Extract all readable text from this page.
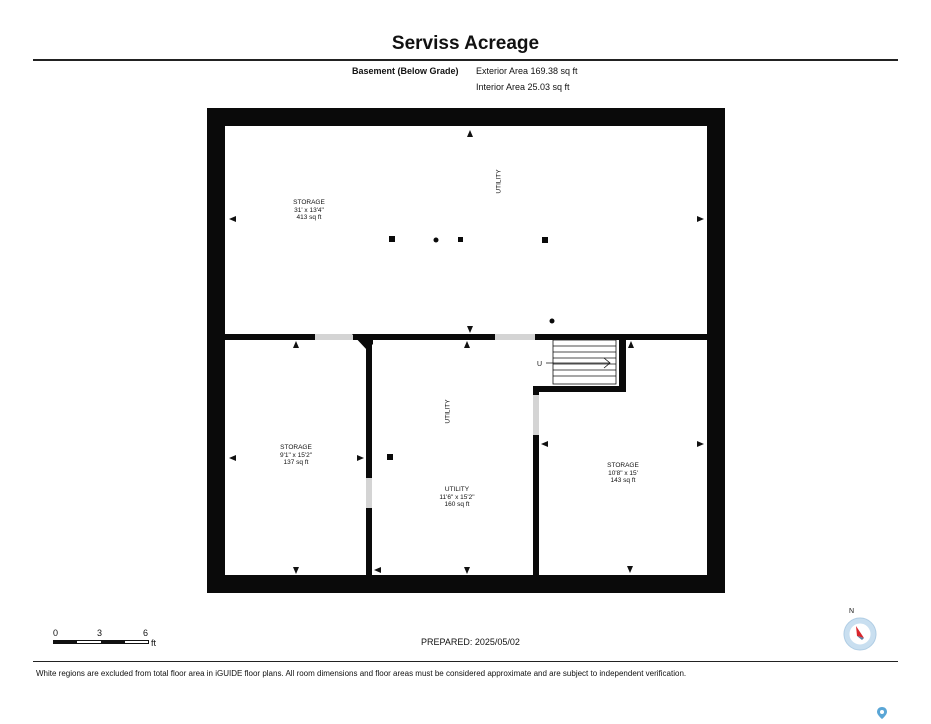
Serviss Acreage
Basement (Below Grade) Exterior Area 169.38 sq ft
Interior Area 25.03 sq ft
U
STORAGE
31' x 13'4"
413 sq ft
UTILITY
STORAGE
9'1" x 15'2"
137 sq ft
UTILITY
UTILITY
11'6" x 15'2"
160 sq ft
STORAGE
10'8" x 15'
143 sq ft
0	3	6
ft	PREPARED: 2025/05/02
N
White regions are excluded from total floor area in iGUIDE floor plans. All room dimensions and floor areas must be considered approximate and are subject to independent verification.
